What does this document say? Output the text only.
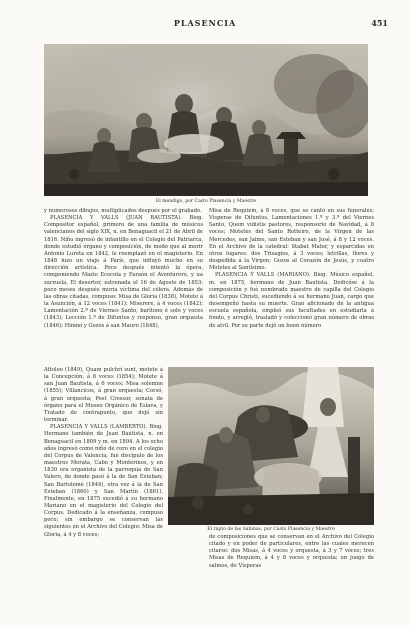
PLASENCIA	451
El mendigo, por Casto Plasencia y Maestre

y numerosos dibujos, multiplicados después por el grabado.

PLASENCIA Y VALLS (JUAN BAUTISTA). Biog. Compositor español, primero de una familia de músicos valencianos del siglo XIX, n. en Benaguacil el 21 de Abril de 1816. Niño ingresó de infantillo en el Colegio del Patriarca, donde estudió órgano y composición, de modo que al morir Antonio Lureta en 1842, le reemplazó en el magisterio. En 1848 hizo un viaje á París, que influyó mucho en su dirección artística. Poco después intentó la ópera, componiendo Mazio Ecocola y Faraón el Aventurero, y ua zarzuela, El desertor, estrenada el 16 de Agosto de 1853; poco meses después moria víctima del cólera. Además de las obras citadas, compuso: Misa de Gloria (1838), Motete á la Asunción, á 12 voces (1841); Miserere, á 4 voces (1842); Lamentación 2.ª de Viernes Santo, barítono é solo y voces (1843); Lección 1.ª de Difuntos y responso, gran orquesta (1846); Himno y Gozos á san Mauro (1848),

Misa de Requiem, á 8 voces, que se cantó en sus funerales; Vísperas de Difuntos, Lamentaciones 1.ª y 3.ª del Viernes Santo, Quem vidistis pastores, responsorio de Navidad, á 8 voces; Motetes del Santo Rotteiro, de la Virgen de las Mercedes, san Jaime, san Esteban y san José, á 8 y 12 voces. En el Archivo de la catedral: Stabat Mater, y esparcidas en otros lugares: dos Trisagios, á 3 voces; letrillas, flores y despedida á la Virgen; Gozos al Corazón de Jesús, y cuatro Motetes al Santísimo.

PLASENCIA Y VALLS (MARIANO). Biog. Músico español, m. en 1875, hermano de Juan Bautista. Dedicóse á la composición y fué nombrado maestro de capilla del Colegio del Corpus Christi, sucediendo á su hermano Juan, cargo que desempeñó hasta su muerte. Gran aficionado de la antigua escuela española, empleó sus facultades en estudiarla á fondo, y arregló, trasladó y coleccionó gran número de obras de atril. Por su parte dejó un buen número

Attoloo (1849), Quam pulchri sunt, motete á la Concepción, á 8 voces (1854); Motete á san Juan Bautista, á 6 voces; Misa solemne (1855); Villancicos, á gran orquesta; Corsó, á gran orquesta; Post Cressor, sonata de órgano para el Museo Orgánico de Eslava, y Tratado de contrapunto, que dejó sin terminar.

PLASENCIA Y VALLS (LAMBERTO). Biog. Hermano también de Juan Bautista, n. en Benaguacil en 1809 y m. en 1894. A los ocho años ingresó como niño de coro en el colegio del Corpus de Valencia; fué discípulo de los maestros Morata, Cabo y Monterinos, y en 1830 era organista de la parroquia de San Valero, de donde pasó á la de San Esteban; San Bartolomé (1844), otra vez á la de San Esteban (1860) y San Martín (1861). Finalmente, en 1875 sucedió á su hermano Mariano en el magisterio del Colegio del Corpus. Dedicado á la enseñanza, compuso poco; sin embargo se conservan las siguientes en el Archivo del Colegio: Misa de Gloria, á 4 y 8 voces;

El rapto de las Sabinas, por Casto Plasencia y Maestre

de composiciones que se conservan en el Archivo del Colegio citado y en poder de particulares, entre las cuales merecen citarse: dos Misas, á 4 voces y orquesta, á 3 y 7 voces; tres Misas de Requiem, á 4 y 8 voces y orquesta; un juego de salmos, de Vísperas
